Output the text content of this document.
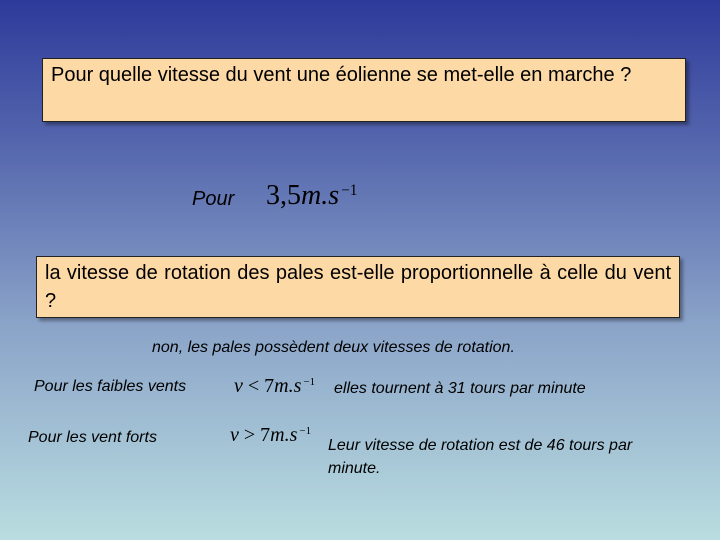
Pour quelle vitesse du vent une éolienne se met-elle en marche ?
Pour 3,5m.s $^{-1}$
la vitesse de rotation des pales est-elle proportionnelle à celle du vent ?
non, les pales possèdent deux vitesses de rotation.
Pour les faibles vents v < 7m.s $^{-1}$ elles tournent à 31 tours par minute
Pour les vent forts	v > 7m.s $^{-1}$
Leur vitesse de rotation est de 46 tours par minute.
